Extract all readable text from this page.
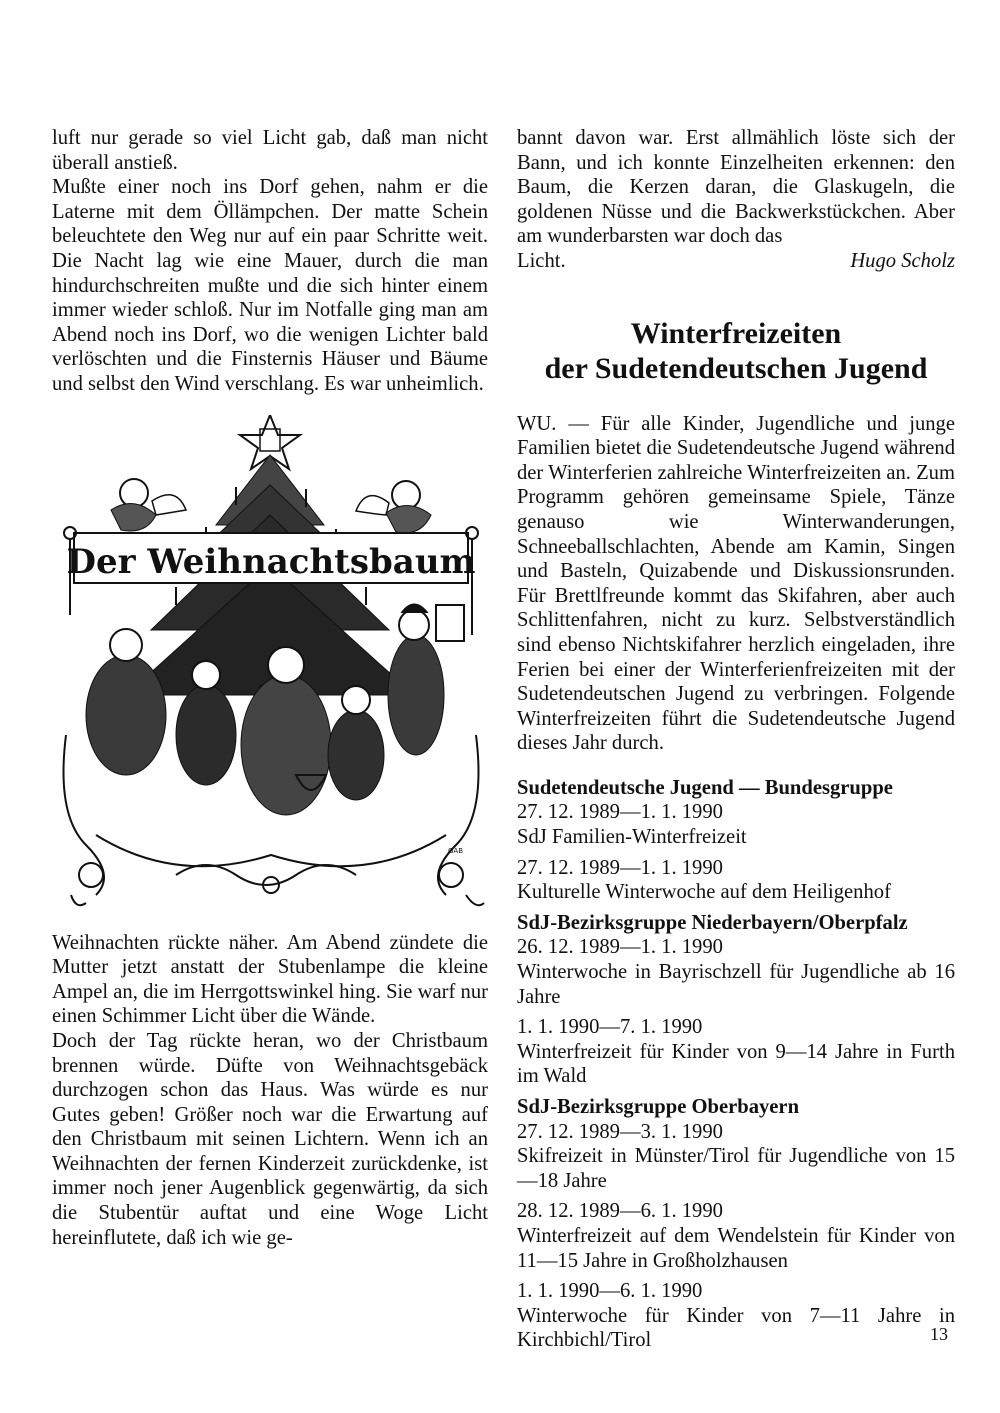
luft nur gerade so viel Licht gab, daß man nicht überall anstieß.

Mußte einer noch ins Dorf gehen, nahm er die Laterne mit dem Öllämpchen. Der matte Schein beleuchtete den Weg nur auf ein paar Schritte weit. Die Nacht lag wie eine Mauer, durch die man hindurchschreiten mußte und die sich hinter einem immer wieder schloß. Nur im Notfalle ging man am Abend noch ins Dorf, wo die wenigen Lichter bald verlöschten und die Finsternis Häuser und Bäume und selbst den Wind verschlang. Es war unheimlich.

Der Weihnachtsbaum
GAB

Weihnachten rückte näher. Am Abend zündete die Mutter jetzt anstatt der Stubenlampe die kleine Ampel an, die im Herrgottswinkel hing. Sie warf nur einen Schimmer Licht über die Wände.

Doch der Tag rückte heran, wo der Christbaum brennen würde. Düfte von Weihnachtsgebäck durchzogen schon das Haus. Was würde es nur Gutes geben! Größer noch war die Erwartung auf den Christbaum mit seinen Lichtern. Wenn ich an Weihnachten der fernen Kinderzeit zurückdenke, ist immer noch jener Augenblick gegenwärtig, da sich die Stubentür auftat und eine Woge Licht hereinflutete, daß ich wie ge-

bannt davon war. Erst allmählich löste sich der Bann, und ich konnte Einzelheiten erkennen: den Baum, die Kerzen daran, die Glaskugeln, die goldenen Nüsse und die Backwerkstückchen. Aber am wunderbarsten war doch das

Licht.	Hugo Scholz
Winterfreizeiten
der Sudetendeutschen Jugend

WU. — Für alle Kinder, Jugendliche und junge Familien bietet die Sudetendeutsche Jugend während der Winterferien zahlreiche Winterfreizeiten an. Zum Programm gehören gemeinsame Spiele, Tänze genauso wie Winterwanderungen, Schneeballschlachten, Abende am Kamin, Singen und Basteln, Quizabende und Diskussionsrunden. Für Brettlfreunde kommt das Skifahren, aber auch Schlittenfahren, nicht zu kurz. Selbstverständlich sind ebenso Nichtskifahrer herzlich eingeladen, ihre Ferien bei einer der Winterferienfreizeiten mit der Sudetendeutschen Jugend zu verbringen. Folgende Winterfreizeiten führt die Sudetendeutsche Jugend dieses Jahr durch.

Sudetendeutsche Jugend — Bundesgruppe

27. 12. 1989—1. 1. 1990

SdJ Familien-Winterfreizeit

27. 12. 1989—1. 1. 1990

Kulturelle Winterwoche auf dem Heiligenhof

SdJ-Bezirksgruppe Niederbayern/Oberpfalz

26. 12. 1989—1. 1. 1990

Winterwoche in Bayrischzell für Jugendliche ab 16 Jahre

1. 1. 1990—7. 1. 1990

Winterfreizeit für Kinder von 9—14 Jahre in Furth im Wald

SdJ-Bezirksgruppe Oberbayern

27. 12. 1989—3. 1. 1990

Skifreizeit in Münster/Tirol für Jugendliche von 15—18 Jahre

28. 12. 1989—6. 1. 1990

Winterfreizeit auf dem Wendelstein für Kinder von 11—15 Jahre in Großholzhausen

1. 1. 1990—6. 1. 1990

Winterwoche für Kinder von 7—11 Jahre in Kirchbichl/Tirol	13
